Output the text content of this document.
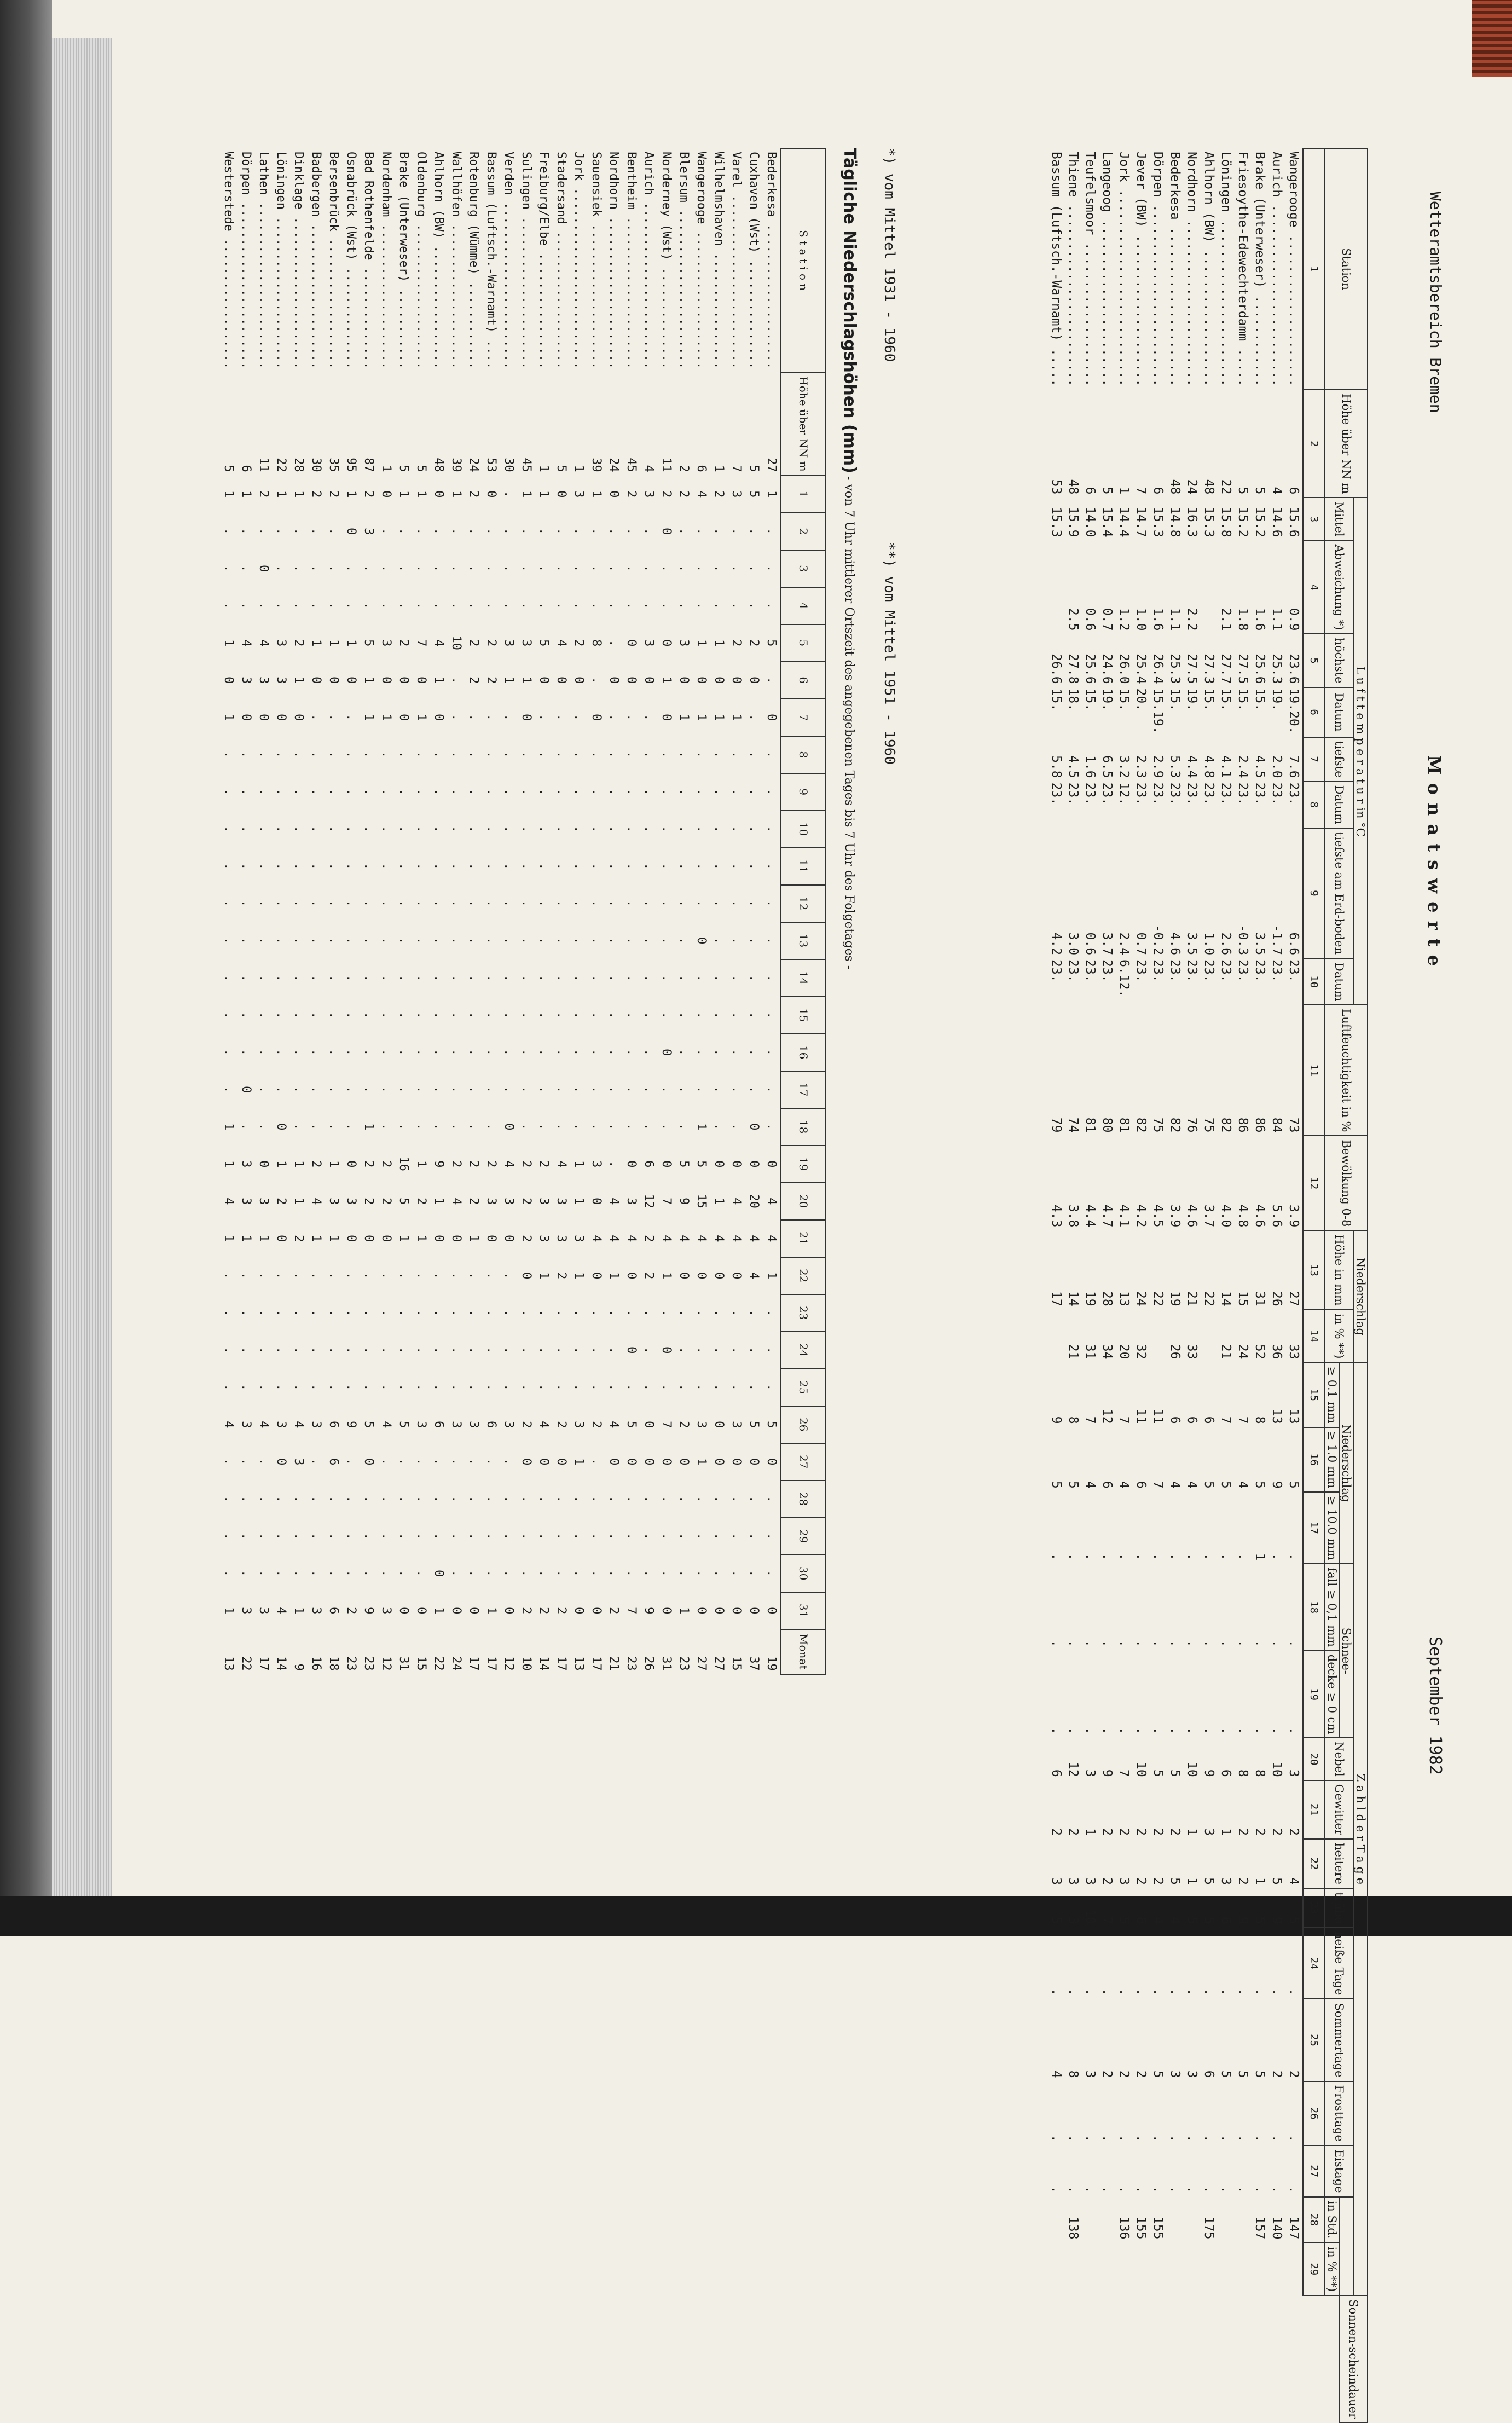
Wetteramtsbereich Bremen
M o n a t s w e r t e
September 1982
Station	Höhe über NN m	L u f t t e m p e r a t u r in °C								Luftfeuchtigkeit in %	Bewölkung 0-8	Niederschlag		Z a h l d e r T a g e															Sonnen-scheindauer
		Mittel	Abweichung *)	höchste	Datum	tiefste	Datum	tiefste am Erd-boden	Datum			Höhe in mm	in % **)	Niederschlag			Schnee-		Nebel	Gewitter	heitere	trübe	heiße Tage	Sommertage	Frosttage	Eistage			
														≥ 0.1 mm	≥ 1.0 mm	≥ 10.0 mm	fall ≥ 0,1 mm	decke ≥ 0 cm									in Std.	in % **)	
1	2	3	4	5	6	7	8	9	10	11	12	13	14	15	16	17	18	19	20	21	22	23	24	25	26	27	28	29	
Wangerooge ....................	6	15.6	0.9	23.6	19.20.	7.6	23.	6.6	23.	73	3.9	27	33	13	5	.	.	.	3	2	4	5	.	2	.	.	147		
Aurich ........................	4	14.6	1.1	25.3	19.	2.0	23.	-1.7	23.	84	5.6	26	36	13	9	.	.	.	10	2	5	9	.	2	.	.	140		
Brake (Unterweser) ............	5	15.2	1.6	25.6	15.	4.5	23.	3.5	23.	86	4.6	31	52	8	5	1	.	.	8	2	1	5	.	5	.	.	157		
Friesoythe-Edewechterdamm .....	5	15.2	1.8	27.5	15.	2.4	23.	-0.3	23.	86	4.8	15	24	7	4	.	.	.	8	2	2	9	.	5	.	.			
Löningen ......................	22	15.8	2.1	27.7	15.	4.1	23.	2.6	23.	82	4.0	14	21	7	5	.	.	.	6	1	3	6	.	5	.	.			
Ahlhorn (BW) ..................	48	15.3		27.3	15.	4.8	23.	1.0	23.	75	3.7	22		6	5	.	.	.	9	3	5	5	.	6	.	.	175		
Nordhorn ......................	24	16.3	2.2	27.5	19.	4.4	23.	3.5	23.	76	4.6	21	33	6	4	.	.	.	10	1	1	5	.	3	.	.			
Bederkesa .....................	48	14.8	1.1	25.3	15.	5.3	23.	4.6	23.	82	3.9	19	26	6	4	.	.	.	5	2	5	4	.	3	.	.			
Dörpen ........................	6	15.3	1.6	26.4	15.19.	2.9	23.	-0.2	23.	75	4.5	22		11	7	.	.	.	5	2	2	4	.	5	.	.	155		
Jever (BW) ....................	7	14.7	1.0	25.4	20.	2.3	23.	0.7	23.	82	4.2	24	32	11	6	.	.	.	10	2	2	6	.	2	.	.	155		
Jork ..........................	1	14.4	1.2	26.0	15.	3.2	12.	2.4	6.12.	81	4.1	13	20	7	4	.	.	.	7	2	3	5	.	2	.	.	136		
Langeoog ......................	5	15.4	0.7	24.6	19.	6.5	23.	3.7	23.	80	4.7	28	34	12	6	.	.	.	9	2	2	7	.	2	.	.			
Teufelsmoor ...................	6	14.0	0.6	25.6	15.	1.6	23.	0.6	23.	81	4.4	19	31	7	4	.	.	.	3	1	3	10	.	3	.	.			
Thiene ........................	48	15.9	2.5	27.8	18.	4.5	23.	3.0	23.	74	3.8	14	21	8	5	.	.	.	12	2	3	3	.	8	.	.	138		
Bassum (Luftsch.-Warnamt) .....	53	15.3		26.6	15.	5.8	23.	4.2	23.	79	4.3	17		9	5	.	.	.	6	2	3	5	.	4	.	.			
*) vom Mittel 1931 - 1960
**) vom Mittel 1951 - 1960
Tägliche Niederschlagshöhen (mm)
- von 7 Uhr mittlerer Ortszeit des angegebenen Tages bis 7 Uhr des Folgetages -
S t a t i o n	Höhe über NN m	1	2	3	4	5	6	7	8	9	10	11	12	13	14	15	16	17	18	19	20	21	22	23	24	25	26	27	28	29	30	31	Monat
Bederkesa ....................	27	1	.	.	.	5	.	0	.	.	.	.	.	.	.	.	.	.	.	0	4	4	1	.	.	.	5	0	.	.	.	0	19
Cuxhaven (Wst) ...............	5	5	.	.	.	2	0	.	.	.	.	.	.	.	.	.	.	.	0	0	20	4	4	.	.	.	5	0	.	.	.	0	37
Varel ........................	7	3	.	.	.	2	0	1	.	.	.	.	.	.	.	.	.	.	.	0	4	4	0	.	.	.	3	0	.	.	.	0	15
Wilhelmshaven ................	1	2	.	.	.	1	0	1	.	.	.	.	.	.	.	.	.	.	.	0	1	4	0	.	.	.	0	0	.	.	.	0	27
Wangerooge ...................	6	4	.	.	.	1	0	1	.	.	.	.	.	0	.	.	.	.	1	5	15	4	0	.	.	.	3	1	.	.	.	0	27
Blersum ......................	2	2	.	.	.	3	0	1	.	.	.	.	.	.	.	.	.	.	.	5	9	4	0	.	.	.	2	0	.	.	.	1	23
Norderney (Wst) ..............	11	2	0	.	.	0	1	0	.	.	.	.	.	.	.	.	0	.	.	0	7	4	1	.	0	.	7	0	.	.	.	0	31
Aurich .......................	4	3	.	.	.	3	0	.	.	.	.	.	.	.	.	.	.	.	.	6	12	2	2	.	.	.	0	0	.	.	.	9	26
Bentheim .....................	45	2	.	.	.	0	0	.	.	.	.	.	.	.	.	.	.	.	.	0	3	4	0	.	0	.	5	0	.	.	.	7	23
Nordhorn .....................	24	0	.	.	.	.	0	.	.	.	.	.	.	.	.	.	.	.	.	.	4	4	1	.	.	.	4	0	.	.	.	2	21
Sauensiek ....................	39	1	.	.	.	8	.	0	.	.	.	.	.	.	.	.	.	.	.	3	0	4	0	.	.	.	2	.	.	.	.	0	17
Jork .........................	1	3	.	.	.	2	0	.	.	.	.	.	.	.	.	.	.	.	.	1	1	3	1	.	.	.	3	1	.	.	.	0	13
Stadersand ...................	5	0	.	.	.	4	0	.	.	.	.	.	.	.	.	.	.	.	.	4	3	3	2	.	.	.	2	0	.	.	.	2	17
Freiburg/Elbe ................	1	1	.	.	.	5	0	.	.	.	.	.	.	.	.	.	.	.	.	2	3	3	1	.	.	.	4	0	.	.	.	2	14
Sulingen .....................	45	1	.	.	.	3	1	0	.	.	.	.	.	.	.	.	.	.	.	2	2	2	0	.	.	.	2	0	.	.	.	2	10
Verden .......................	30	.	.	.	.	3	1	.	.	.	.	.	.	.	.	.	.	.	0	4	3	0	.	.	.	.	3	.	.	.	.	0	12
Bassum (Luftsch.-Warnamt) ....	53	0	.	.	.	2	2	.	.	.	.	.	.	.	.	.	.	.	.	2	3	0	.	.	.	.	6	.	.	.	.	1	17
Rotenburg (Wümme) ............	24	2	.	.	.	2	2	.	.	.	.	.	.	.	.	.	.	.	.	2	2	1	.	.	.	.	3	.	.	.	.	0	17
Wallhöfen ....................	39	1	.	.	.	10	.	.	.	.	.	.	.	.	.	.	.	.	.	2	4	0	.	.	.	.	3	.	.	.	.	0	24
Ahlhorn (BW) .................	48	0	.	.	.	4	1	0	.	.	.	.	.	.	.	.	.	.	.	9	1	0	.	.	.	.	6	.	.	.	0	1	22
Oldenburg ....................	5	1	.	.	.	7	0	1	.	.	.	.	.	.	.	.	.	.	.	1	2	1	.	.	.	.	3	.	.	.	.	0	15
Brake (Unterweser) ...........	5	1	.	.	.	2	0	0	.	.	.	.	.	.	.	.	.	.	.	16	5	1	.	.	.	.	5	.	.	.	.	0	31
Nordenham ....................	1	0	.	.	.	3	0	1	.	.	.	.	.	.	.	.	.	.	.	2	2	0	.	.	.	.	4	.	.	.	.	3	12
Bad Rothenfelde ..............	87	2	3	.	.	5	1	1	.	.	.	.	.	.	.	.	.	.	1	2	2	0	.	.	.	.	5	0	.	.	.	9	23
Osnabrück (Wst) ..............	95	1	0	.	.	1	0	.	.	.	.	.	.	.	.	.	.	.	.	0	3	0	.	.	.	.	9	.	.	.	.	2	23
Bersenbrück ..................	35	2	.	.	.	1	0	.	.	.	.	.	.	.	.	.	.	.	.	1	3	1	.	.	.	.	6	6	.	.	.	6	18
Badbergen ....................	30	2	.	.	.	1	0	.	.	.	.	.	.	.	.	.	.	.	.	2	4	1	.	.	.	.	3	.	.	.	.	3	16
Dinklage .....................	28	1	.	.	.	2	1	0	.	.	.	.	.	.	.	.	.	.	.	1	1	2	.	.	.	.	4	3	.	.	.	1	9
Löningen .....................	22	1	.	.	.	3	3	0	.	.	.	.	.	.	.	.	.	.	0	1	2	0	.	.	.	.	3	0	.	.	.	4	14
Lathen .......................	11	2	.	0	.	4	3	0	.	.	.	.	.	.	.	.	.	.	.	0	3	1	.	.	.	.	4	.	.	.	.	3	17
Dörpen .......................	6	1	.	.	.	4	3	0	.	.	.	.	.	.	.	.	.	0	.	3	3	1	.	.	.	.	3	.	.	.	.	3	22
Westerstede ..................	5	1	.	.	.	1	0	1	.	.	.	.	.	.	.	.	.	.	1	1	4	1	.	.	.	.	4	.	.	.	.	1	13
